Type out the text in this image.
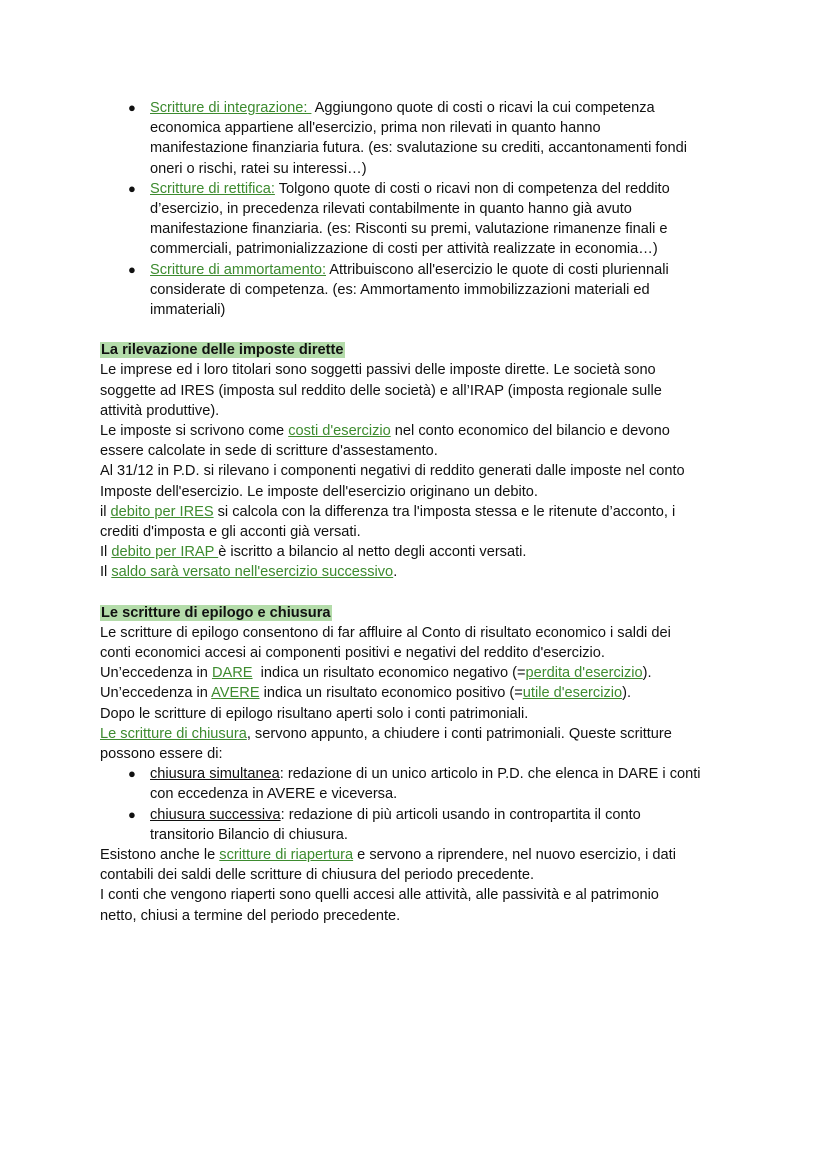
● Scritture di integrazione:  Aggiungono quote di costi o ricavi la cui competenza
economica appartiene all'esercizio, prima non rilevati in quanto hanno
manifestazione finanziaria futura. (es: svalutazione su crediti, accantonamenti fondi
oneri o rischi, ratei su interessi…)
● Scritture di rettifica: Tolgono quote di costi o ricavi non di competenza del reddito
d’esercizio, in precedenza rilevati contabilmente in quanto hanno già avuto
manifestazione finanziaria. (es: Risconti su premi, valutazione rimanenze finali e
commerciali, patrimonializzazione di costi per attività realizzate in economia…)
● Scritture di ammortamento: Attribuiscono all'esercizio le quote di costi pluriennali
considerate di competenza. (es: Ammortamento immobilizzazioni materiali ed
immateriali)
La rilevazione delle imposte dirette
Le imprese ed i loro titolari sono soggetti passivi delle imposte dirette. Le società sono
soggette ad IRES (imposta sul reddito delle società) e all’IRAP (imposta regionale sulle
attività produttive).
Le imposte si scrivono come costi d'esercizio nel conto economico del bilancio e devono
essere calcolate in sede di scritture d'assestamento.
Al 31/12 in P.D. si rilevano i componenti negativi di reddito generati dalle imposte nel conto
Imposte dell'esercizio. Le imposte dell'esercizio originano un debito.
il debito per IRES si calcola con la differenza tra l'imposta stessa e le ritenute d’acconto, i
crediti d'imposta e gli acconti già versati.
Il debito per IRAP è iscritto a bilancio al netto degli acconti versati.
Il saldo sarà versato nell'esercizio successivo.
Le scritture di epilogo e chiusura
Le scritture di epilogo consentono di far affluire al Conto di risultato economico i saldi dei
conti economici accesi ai componenti positivi e negativi del reddito d'esercizio.
Un’eccedenza in DARE  indica un risultato economico negativo (=perdita d'esercizio).
Un’eccedenza in AVERE indica un risultato economico positivo (=utile d'esercizio).
Dopo le scritture di epilogo risultano aperti solo i conti patrimoniali.
Le scritture di chiusura, servono appunto, a chiudere i conti patrimoniali. Queste scritture
possono essere di:
● chiusura simultanea: redazione di un unico articolo in P.D. che elenca in DARE i conti
con eccedenza in AVERE e viceversa.
● chiusura successiva: redazione di più articoli usando in contropartita il conto
transitorio Bilancio di chiusura.
Esistono anche le scritture di riapertura e servono a riprendere, nel nuovo esercizio, i dati
contabili dei saldi delle scritture di chiusura del periodo precedente.
I conti che vengono riaperti sono quelli accesi alle attività, alle passività e al patrimonio
netto, chiusi a termine del periodo precedente.
